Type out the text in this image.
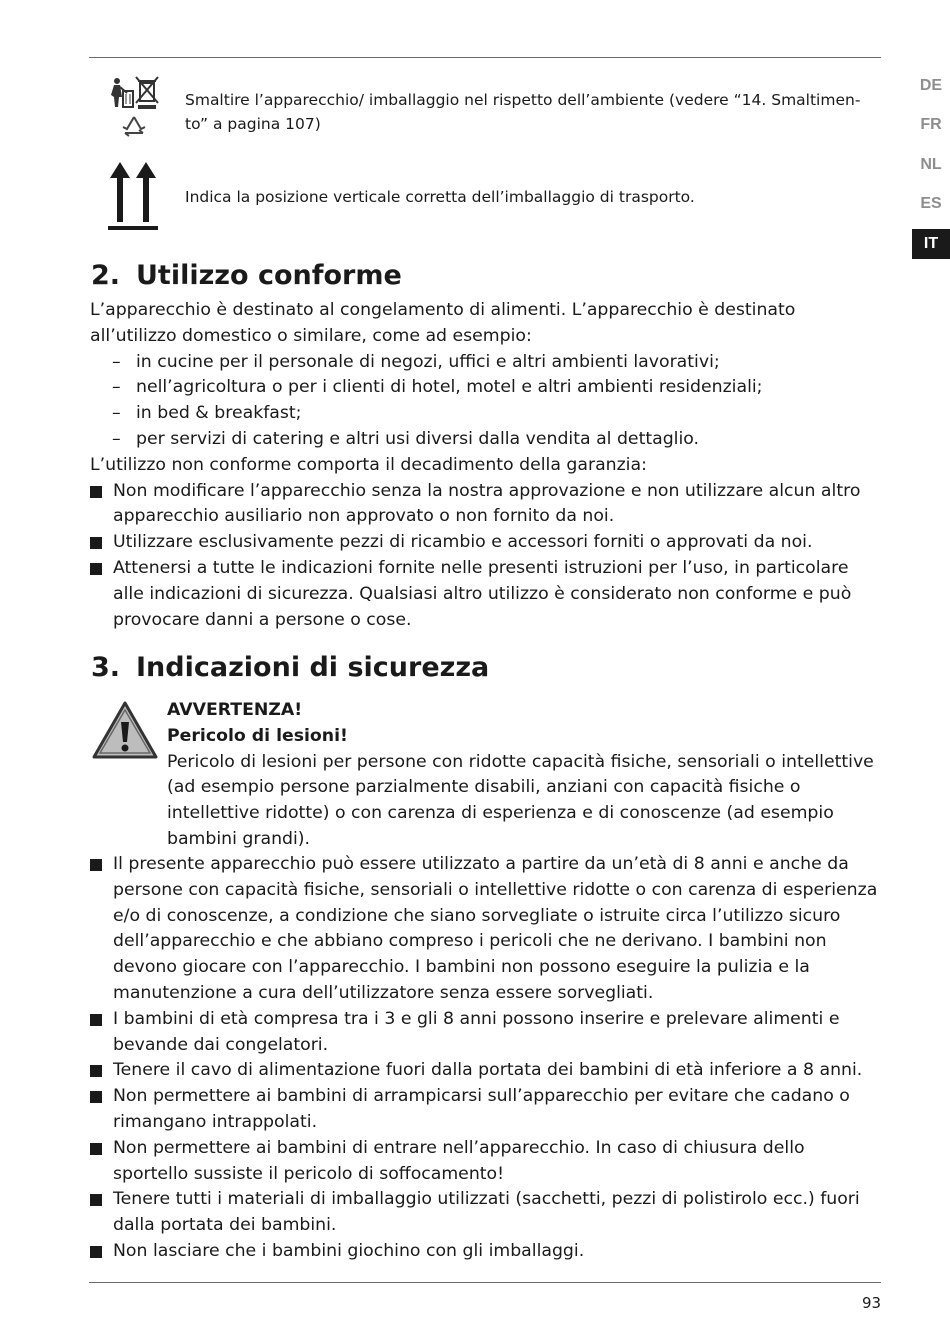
DE
FR
NL
ES
IT
Smaltire l’apparecchio/ imballaggio nel rispetto dell’ambiente (vedere “14. Smaltimen-
to” a pagina 107)
Indica la posizione verticale corretta dell’imballaggio di trasporto.
2. Utilizzo conforme

L’apparecchio è destinato al congelamento di alimenti. L’apparecchio è destinato all’utilizzo domestico o similare, come ad esempio:

– in cucine per il personale di negozi, uffici e altri ambienti lavorativi;

– nell’agricoltura o per i clienti di hotel, motel e altri ambienti residenziali;

– in bed & breakfast;

– per servizi di catering e altri usi diversi dalla vendita al dettaglio.

L’utilizzo non conforme comporta il decadimento della garanzia:

Non modificare l’apparecchio senza la nostra approvazione e non utilizzare alcun altro apparecchio ausiliario non approvato o non fornito da noi.
Utilizzare esclusivamente pezzi di ricambio e accessori forniti o approvati da noi.
Attenersi a tutte le indicazioni fornite nelle presenti istruzioni per l’uso, in particolare alle indicazioni di sicurezza. Qualsiasi altro utilizzo è considerato non conforme e può provocare danni a persone o cose.
3. Indicazioni di sicurezza

AVVERTENZA!

Pericolo di lesioni!

Pericolo di lesioni per persone con ridotte capacità fisiche, sensoriali o intellettive (ad esempio persone parzialmente disabili, anziani con capacità fisiche o intellettive ridotte) o con carenza di esperienza e di conoscenze (ad esempio bambini grandi).

Il presente apparecchio può essere utilizzato a partire da un’età di 8 anni e anche da persone con capacità fisiche, sensoriali o intellettive ridotte o con carenza di esperienza e/o di conoscenze, a condizione che siano sorvegliate o istruite circa l’utilizzo sicuro dell’apparecchio e che abbiano compreso i pericoli che ne derivano. I bambini non devono giocare con l’apparecchio. I bambini non possono eseguire la pulizia e la manutenzione a cura dell’utilizzatore senza essere sorvegliati.
I bambini di età compresa tra i 3 e gli 8 anni possono inserire e prelevare alimenti e bevande dai congelatori.
Tenere il cavo di alimentazione fuori dalla portata dei bambini di età inferiore a 8 anni.
Non permettere ai bambini di arrampicarsi sull’apparecchio per evitare che cadano o rimangano intrappolati.
Non permettere ai bambini di entrare nell’apparecchio. In caso di chiusura dello sportello sussiste il pericolo di soffocamento!
Tenere tutti i materiali di imballaggio utilizzati (sacchetti, pezzi di polistirolo ecc.) fuori dalla portata dei bambini.
Non lasciare che i bambini giochino con gli imballaggi.
93
